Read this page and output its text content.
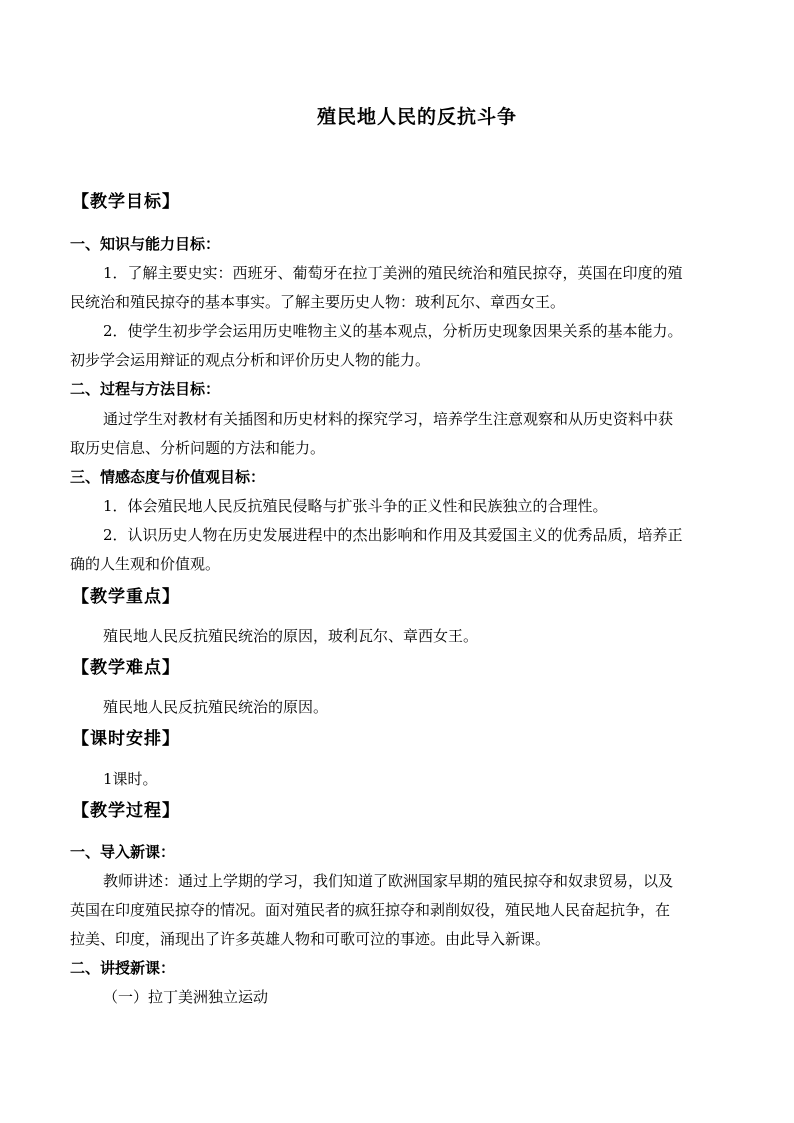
殖民地人民的反抗斗争
【教学目标】
一、知识与能力目标：
1．了解主要史实：西班牙、葡萄牙在拉丁美洲的殖民统治和殖民掠夺，英国在印度的殖
民统治和殖民掠夺的基本事实。了解主要历史人物：玻利瓦尔、章西女王。
2．使学生初步学会运用历史唯物主义的基本观点，分析历史现象因果关系的基本能力。
初步学会运用辩证的观点分析和评价历史人物的能力。
二、过程与方法目标：
通过学生对教材有关插图和历史材料的探究学习，培养学生注意观察和从历史资料中获
取历史信息、分析问题的方法和能力。
三、情感态度与价值观目标：
1．体会殖民地人民反抗殖民侵略与扩张斗争的正义性和民族独立的合理性。
2．认识历史人物在历史发展进程中的杰出影响和作用及其爱国主义的优秀品质，培养正
确的人生观和价值观。
【教学重点】
殖民地人民反抗殖民统治的原因，玻利瓦尔、章西女王。
【教学难点】
殖民地人民反抗殖民统治的原因。
【课时安排】
1课时。
【教学过程】
一、导入新课：
教师讲述：通过上学期的学习，我们知道了欧洲国家早期的殖民掠夺和奴隶贸易，以及
英国在印度殖民掠夺的情况。面对殖民者的疯狂掠夺和剥削奴役，殖民地人民奋起抗争，在
拉美、印度，涌现出了许多英雄人物和可歌可泣的事迹。由此导入新课。
二、讲授新课：
（一）拉丁美洲独立运动
